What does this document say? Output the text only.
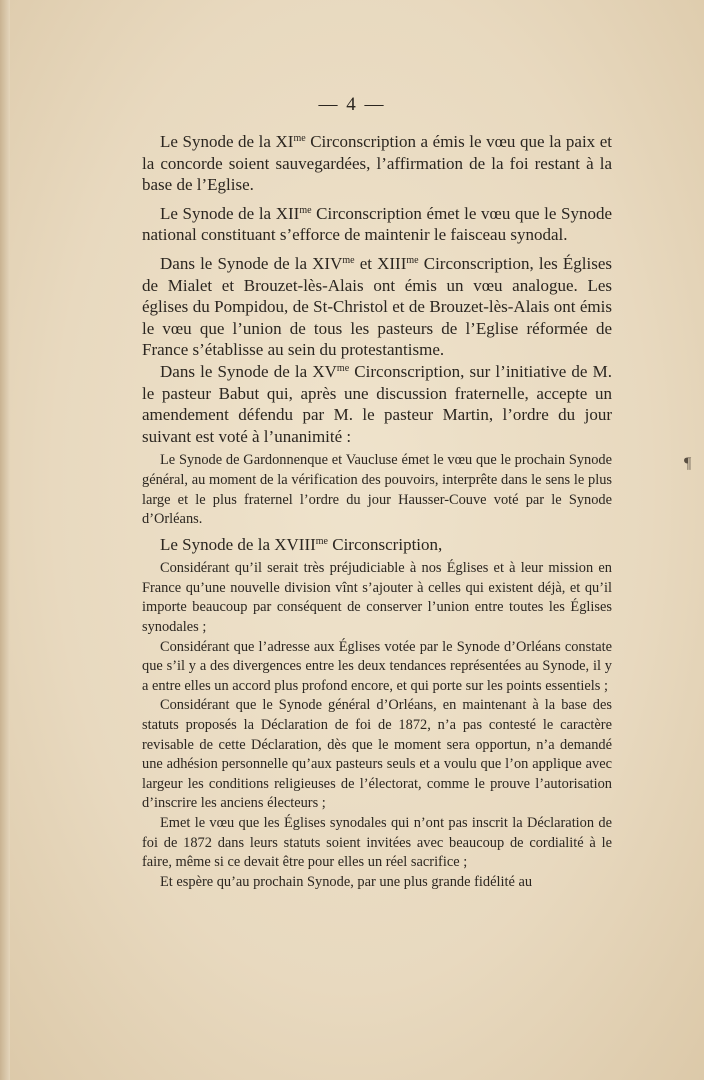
¶
— 4 —

Le Synode de la $XI^{me}$ Circonscription a émis le vœu que la paix et la concorde soient sauvegardées, l’affirmation de la foi restant à la base de l’Eglise.

Le Synode de la $XII^{me}$ Circonscription émet le vœu que le Synode national constituant s’efforce de maintenir le faisceau synodal.

Dans le Synode de la $XIV^{me}$ et $XIII^{me}$ Circonscription, les Églises de Mialet et Brouzet-lès-Alais ont émis un vœu analogue. Les églises du Pompidou, de St-Christol et de Brouzet-lès-Alais ont émis le vœu que l’union de tous les pasteurs de l’Eglise réformée de France s’établisse au sein du protestantisme.

Dans le Synode de la $XV^{me}$ Circonscription, sur l’initiative de M. le pasteur Babut qui, après une discussion fraternelle, accepte un amendement défendu par M. le pasteur Martin, l’ordre du jour suivant est voté à l’unanimité :

Le Synode de Gardonnenque et Vaucluse émet le vœu que le prochain Synode général, au moment de la vérification des pouvoirs, interprête dans le sens le plus large et le plus fraternel l’ordre du jour Hausser-Couve voté par le Synode d’Orléans.

Le Synode de la $XVIII^{me}$ Circonscription,

Considérant qu’il serait très préjudiciable à nos Églises et à leur mission en France qu’une nouvelle division vînt s’ajouter à celles qui existent déjà, et qu’il importe beaucoup par conséquent de conserver l’union entre toutes les Églises synodales ;

Considérant que l’adresse aux Églises votée par le Synode d’Orléans constate que s’il y a des divergences entre les deux tendances représentées au Synode, il y a entre elles un accord plus profond encore, et qui porte sur les points essentiels ;

Considérant que le Synode général d’Orléans, en maintenant à la base des statuts proposés la Déclaration de foi de 1872, n’a pas contesté le caractère revisable de cette Déclaration, dès que le moment sera opportun, n’a demandé une adhésion personnelle qu’aux pasteurs seuls et a voulu que l’on applique avec largeur les conditions religieuses de l’électorat, comme le prouve l’autorisation d’inscrire les anciens électeurs ;

Emet le vœu que les Églises synodales qui n’ont pas inscrit la Déclaration de foi de 1872 dans leurs statuts soient invitées avec beaucoup de cordialité à le faire, même si ce devait être pour elles un réel sacrifice ;

Et espère qu’au prochain Synode, par une plus grande fidélité au
